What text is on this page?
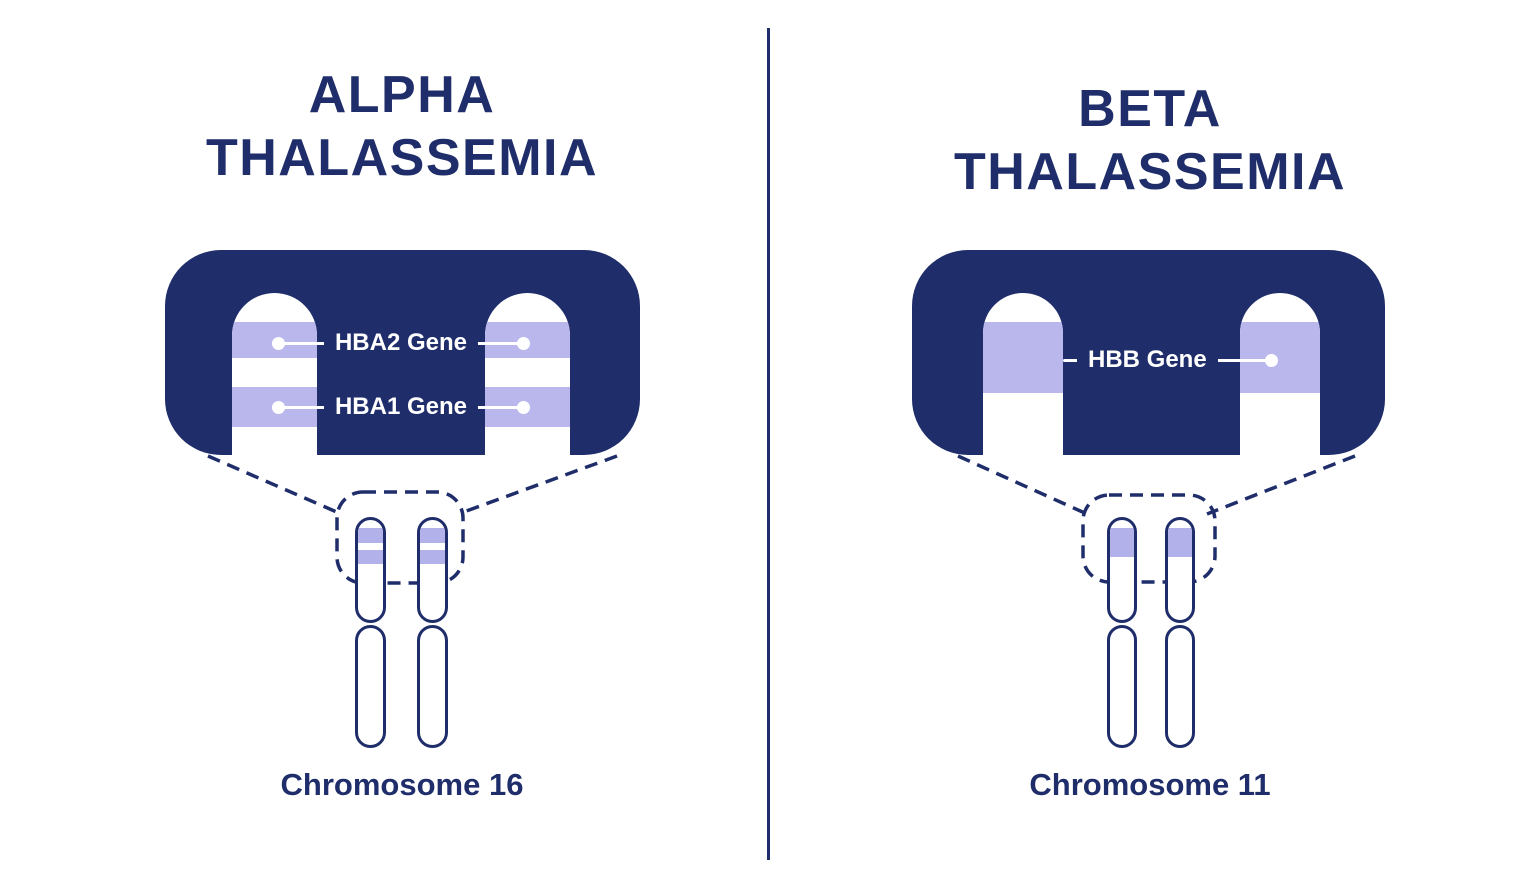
ALPHA
THALASSEMIA
HBA2 Gene
HBA1 Gene
Chromosome 16
BETA
THALASSEMIA
HBB Gene
Chromosome 11
